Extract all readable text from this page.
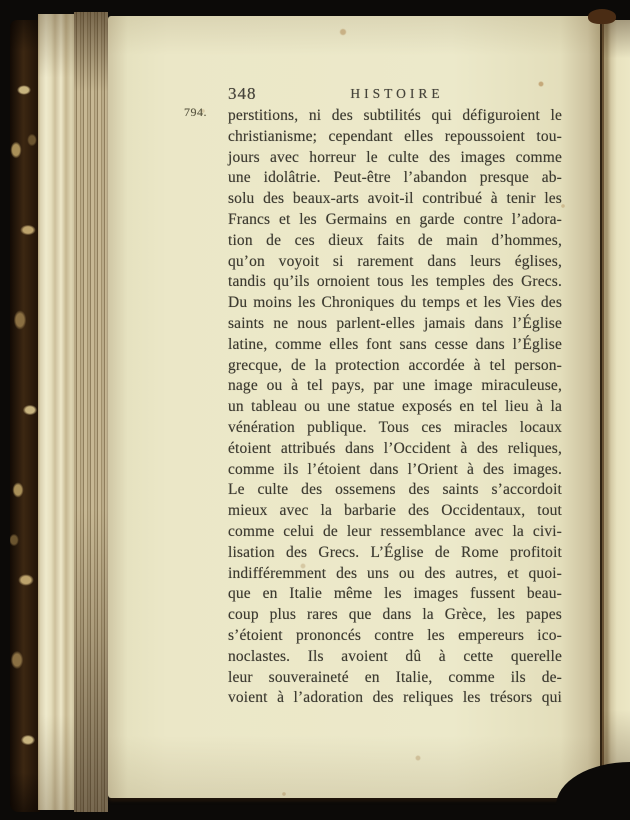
794.
348	HISTOIRE
perstitions, ni des subtilités qui défiguroient le
christianisme; cependant elles repoussoient tou-
jours avec horreur le culte des images comme
une idolâtrie. Peut-être l’abandon presque ab-
solu des beaux-arts avoit-il contribué à tenir les
Francs et les Germains en garde contre l’adora-
tion de ces dieux faits de main d’hommes,
qu’on voyoit si rarement dans leurs églises,
tandis qu’ils ornoient tous les temples des Grecs.
Du moins les Chroniques du temps et les Vies des
saints ne nous parlent-elles jamais dans l’Église
latine, comme elles font sans cesse dans l’Église
grecque, de la protection accordée à tel person-
nage ou à tel pays, par une image miraculeuse,
un tableau ou une statue exposés en tel lieu à la
vénération publique. Tous ces miracles locaux
étoient attribués dans l’Occident à des reliques,
comme ils l’étoient dans l’Orient à des images.
Le culte des ossemens des saints s’accordoit
mieux avec la barbarie des Occidentaux, tout
comme celui de leur ressemblance avec la civi-
lisation des Grecs. L’Église de Rome profitoit
indifféremment des uns ou des autres, et quoi-
que en Italie même les images fussent beau-
coup plus rares que dans la Grèce, les papes
s’étoient prononcés contre les empereurs ico-
noclastes. Ils avoient dû à cette querelle
leur souveraineté en Italie, comme ils de-
voient à l’adoration des reliques les trésors qui
